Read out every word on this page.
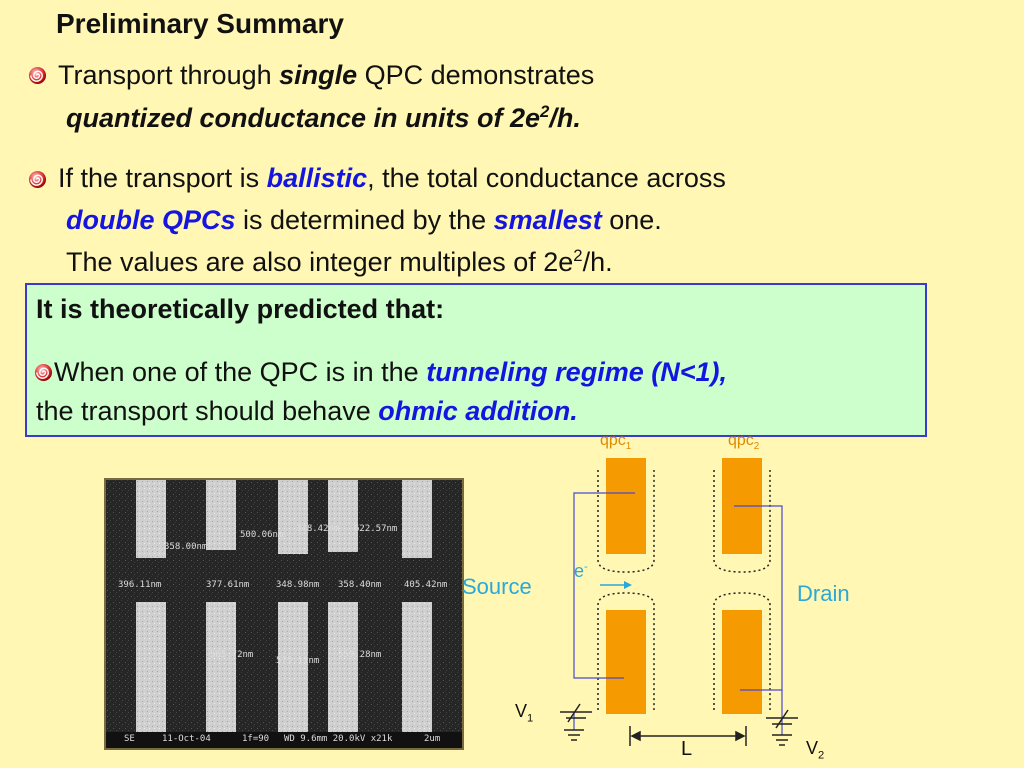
Preliminary Summary
Transport through single QPC demonstrates
quantized conductance in units of $2e^2/h$.
If the transport is ballistic, the total conductance across
double QPCs is determined by the smallest one.
The values are also integer multiples of $2e^2/h$.
It is theoretically predicted that:
When one of the QPC is in the tunneling regime (N<1),
the transport should behave ohmic addition.
358.00nm
500.06nm
348.42nm 622.57nm
396.11nm	377.61nm	348.98nm 358.40nm	405.42nm
565.72nm
575.11nm
559.28nm
SE	11-Oct-04	1f=90 WD 9.6mm 20.0kV x21k	2um
qpc$_1$	qpc$_2$
e-
Source	Drain
$V_1$
$V_2$
L
